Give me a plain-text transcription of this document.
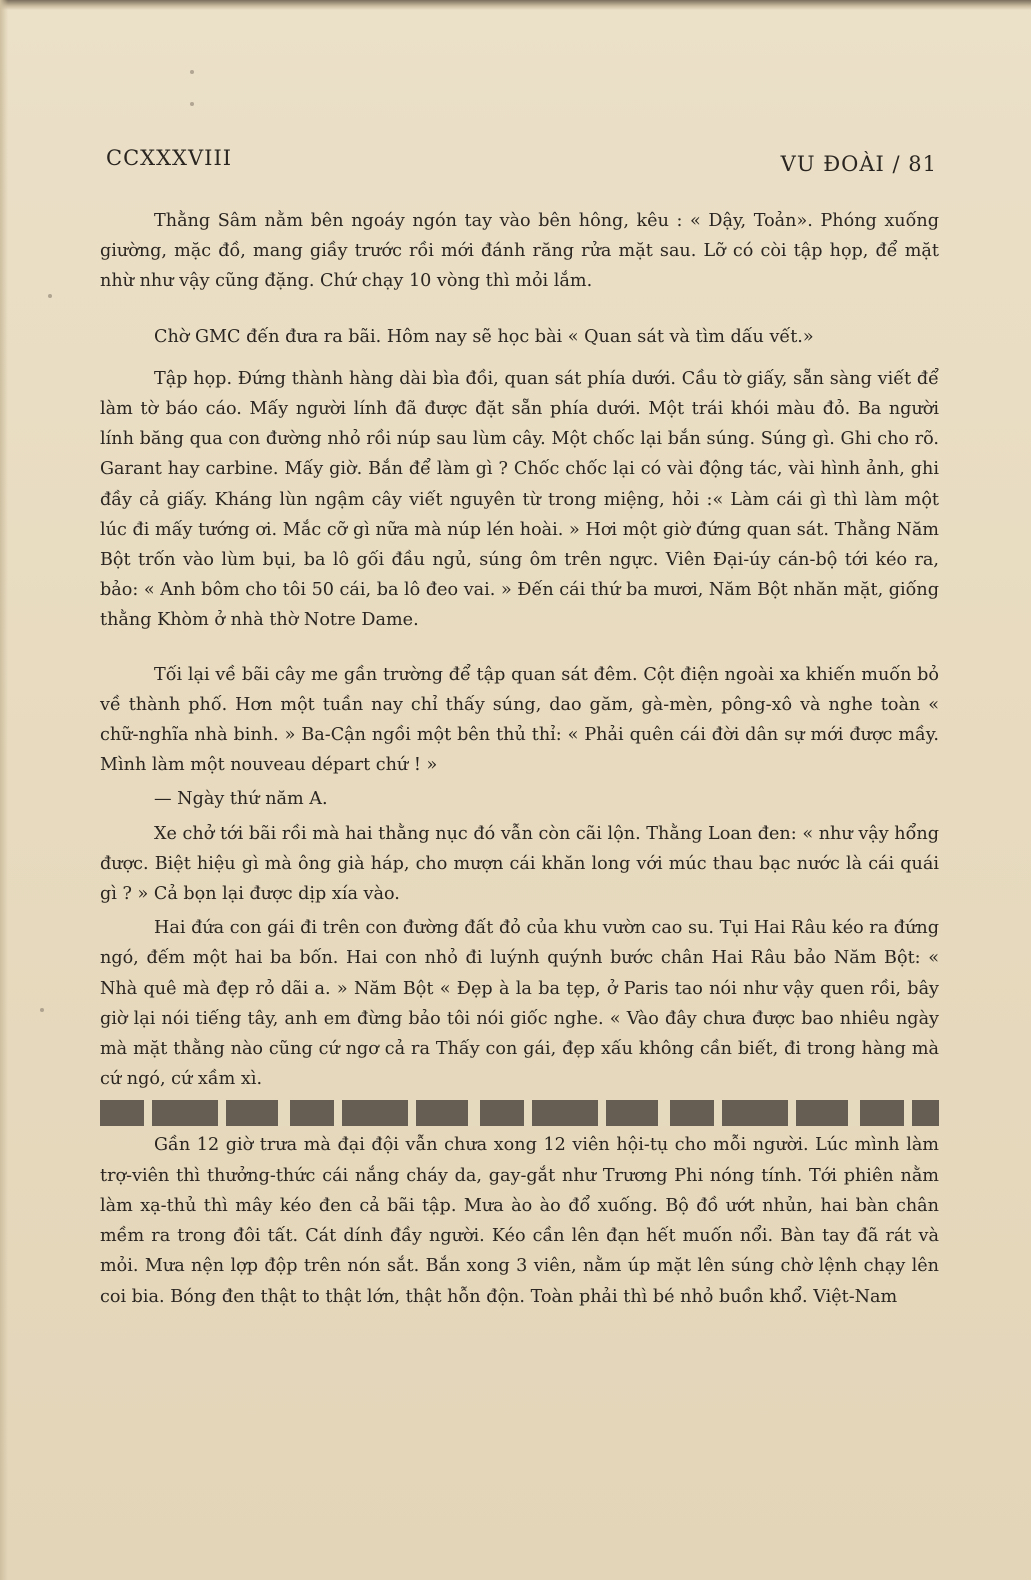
CCXXXVIII	VU ĐOÀI / 81

Thằng Sâm nằm bên ngoáy ngón tay vào bên hông, kêu : « Dậy, Toản». Phóng xuống giường, mặc đồ, mang giầy trước rồi mới đánh răng rửa mặt sau. Lỡ có còi tập họp, để mặt nhừ như vậy cũng đặng. Chứ chạy 10 vòng thì mỏi lắm.

Chờ GMC đến đưa ra bãi. Hôm nay sẽ học bài « Quan sát và tìm dấu vết.»

Tập họp. Đứng thành hàng dài bìa đồi, quan sát phía dưới. Cầu tờ giấy, sẵn sàng viết để làm tờ báo cáo. Mấy người lính đã được đặt sẵn phía dưới. Một trái khói màu đỏ. Ba người lính băng qua con đường nhỏ rồi núp sau lùm cây. Một chốc lại bắn súng. Súng gì. Ghi cho rõ. Garant hay carbine. Mấy giờ. Bắn để làm gì ? Chốc chốc lại có vài động tác, vài hình ảnh, ghi đầy cả giấy. Kháng lùn ngậm cây viết nguyên từ trong miệng, hỏi :« Làm cái gì thì làm một lúc đi mấy tướng ơi. Mắc cỡ gì nữa mà núp lén hoài. » Hơi một giờ đứng quan sát. Thằng Năm Bột trốn vào lùm bụi, ba lô gối đầu ngủ, súng ôm trên ngực. Viên Đại-úy cán-bộ tới kéo ra, bảo: « Anh bôm cho tôi 50 cái, ba lô đeo vai. » Đến cái thứ ba mươi, Năm Bột nhăn mặt, giống thằng Khòm ở nhà thờ Notre Dame.

Tối lại về bãi cây me gần trường để tập quan sát đêm. Cột điện ngoài xa khiến muốn bỏ về thành phố. Hơn một tuần nay chỉ thấy súng, dao găm, gà-mèn, pông-xô và nghe toàn « chữ-nghĩa nhà binh. » Ba-Cận ngồi một bên thủ thỉ: « Phải quên cái đời dân sự mới được mầy. Mình làm một nouveau départ chứ ! »

— Ngày thứ năm A.

Xe chở tới bãi rồi mà hai thằng nục đó vẫn còn cãi lộn. Thằng Loan đen: « như vậy hổng được. Biệt hiệu gì mà ông già háp, cho mượn cái khăn long với múc thau bạc nước là cái quái gì ? » Cả bọn lại được dịp xía vào.

Hai đứa con gái đi trên con đường đất đỏ của khu vườn cao su. Tụi Hai Râu kéo ra đứng ngó, đếm một hai ba bốn. Hai con nhỏ đi luýnh quýnh bước chân Hai Râu bảo Năm Bột: « Nhà quê mà đẹp rỏ dãi a. » Năm Bột « Đẹp à la ba tẹp, ở Paris tao nói như vậy quen rồi, bây giờ lại nói tiếng tây, anh em đừng bảo tôi nói giốc nghe. « Vào đây chưa được bao nhiêu ngày mà mặt thằng nào cũng cứ ngơ cả ra Thấy con gái, đẹp xấu không cần biết, đi trong hàng mà cứ ngó, cứ xầm xì.

Gần 12 giờ trưa mà đại đội vẫn chưa xong 12 viên hội-tụ cho mỗi người. Lúc mình làm trợ-viên thì thưởng-thức cái nắng cháy da, gay-gắt như Trương Phi nóng tính. Tới phiên nằm làm xạ-thủ thì mây kéo đen cả bãi tập. Mưa ào ào đổ xuống. Bộ đồ ướt nhủn, hai bàn chân mềm ra trong đôi tất. Cát dính đầy người. Kéo cần lên đạn hết muốn nổi. Bàn tay đã rát và mỏi. Mưa nện lợp độp trên nón sắt. Bắn xong 3 viên, nằm úp mặt lên súng chờ lệnh chạy lên coi bia. Bóng đen thật to thật lớn, thật hỗn độn. Toàn phải thì bé nhỏ buồn khổ. Việt-Nam
